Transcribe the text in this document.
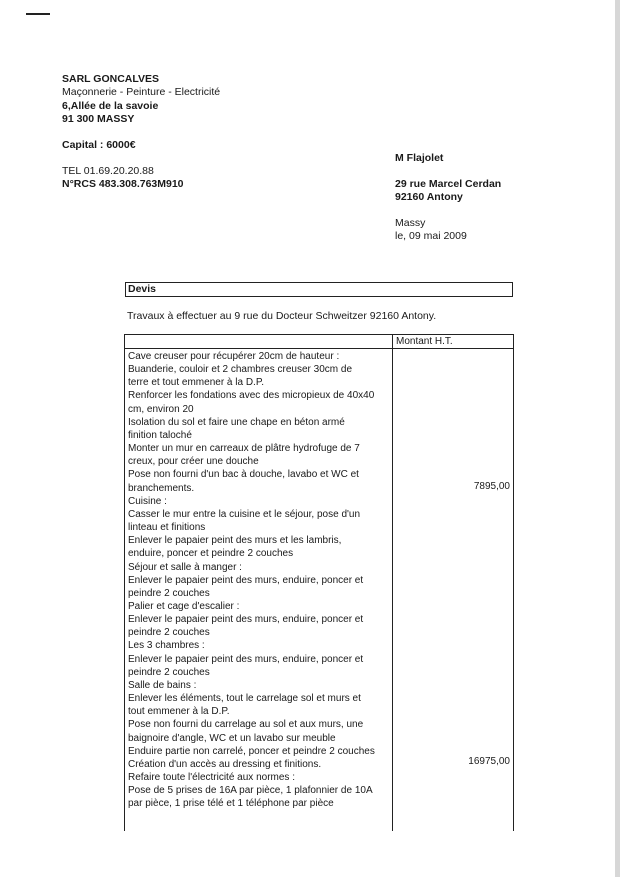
SARL GONCALVES
Maçonnerie - Peinture - Electricité
6,Allée de la savoie
91 300 MASSY
Capital : 6000€
TEL 01.69.20.20.88
N°RCS 483.308.763M910
M Flajolet
29 rue Marcel Cerdan
92160 Antony
Massy
le, 09 mai 2009
Devis
Travaux à effectuer au 9 rue du Docteur Schweitzer 92160 Antony.
Montant H.T.
Cave creuser pour récupérer 20cm de hauteur :
Buanderie, couloir et 2 chambres creuser 30cm de
terre et tout emmener à la D.P.
Renforcer les fondations avec des micropieux de 40x40
cm, environ 20
Isolation du sol et faire une chape en béton armé
finition taloché
Monter un mur en carreaux de plâtre hydrofuge de 7
creux, pour créer une douche
Pose non fourni d'un bac à douche, lavabo et WC et
branchements.
Cuisine :
Casser le mur entre la cuisine et le séjour, pose d'un
linteau et finitions
Enlever le papaier peint des murs et les lambris,
enduire, poncer et peindre 2 couches
Séjour et salle à manger :
Enlever le papaier peint des murs, enduire, poncer et
peindre 2 couches
Palier et cage d'escalier :
Enlever le papaier peint des murs, enduire, poncer et
peindre 2 couches
Les 3 chambres :
Enlever le papaier peint des murs, enduire, poncer et
peindre 2 couches
Salle de bains :
Enlever les éléments, tout le carrelage sol et murs et
tout emmener à la D.P.
Pose non fourni du carrelage au sol et aux murs, une
baignoire d'angle, WC et un lavabo sur meuble
Enduire partie non carrelé, poncer et peindre 2 couches
Création d'un accès au dressing et finitions.
Refaire toute l'électricité aux normes :
Pose de 5 prises de 16A par pièce, 1 plafonnier de 10A
par pièce, 1 prise télé et 1 téléphone par pièce
7895,00
16975,00
